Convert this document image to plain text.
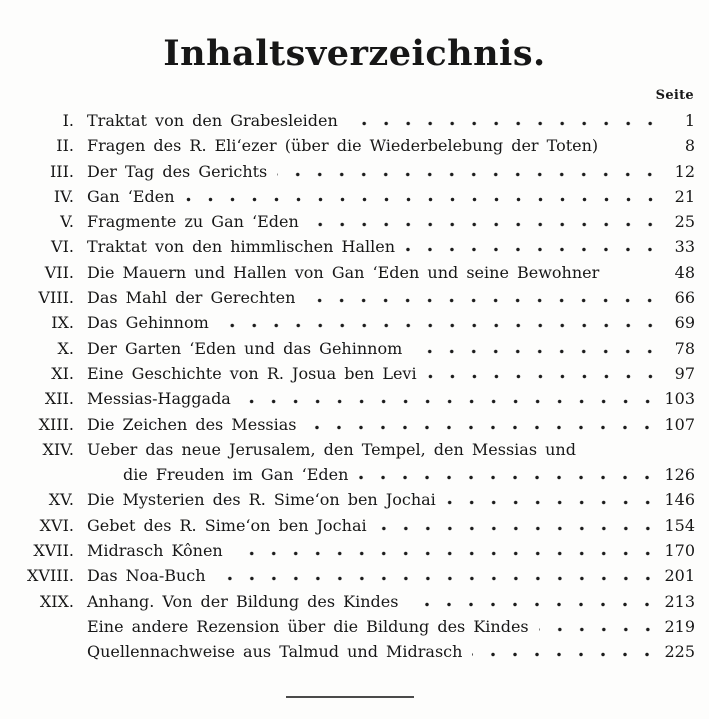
Inhaltsverzeichnis.
Seite
I. Traktat von den Grabesleiden	1
II. Fragen des R. Eli‘ezer (über die Wiederbelebung der Toten)	8
III. Der Tag des Gerichts	12
IV. Gan ‘Eden	21
V. Fragmente zu Gan ‘Eden	25
VI. Traktat von den himmlischen Hallen	33
VII. Die Mauern und Hallen von Gan ‘Eden und seine Bewohner	48
VIII. Das Mahl der Gerechten	66
IX. Das Gehinnom	69
X. Der Garten ‘Eden und das Gehinnom	78
XI. Eine Geschichte von R. Josua ben Levi	97
XII. Messias-Haggada	103
XIII. Die Zeichen des Messias	107
XIV. Ueber das neue Jerusalem, den Tempel, den Messias und
die Freuden im Gan ‘Eden	126
XV. Die Mysterien des R. Sime‘on ben Jochai	146
XVI. Gebet des R. Sime‘on ben Jochai	154
XVII. Midrasch Kônen	170
XVIII. Das Noa-Buch	201
XIX. Anhang. Von der Bildung des Kindes	213
Eine andere Rezension über die Bildung des Kindes	219
Quellennachweise aus Talmud und Midrasch	225
